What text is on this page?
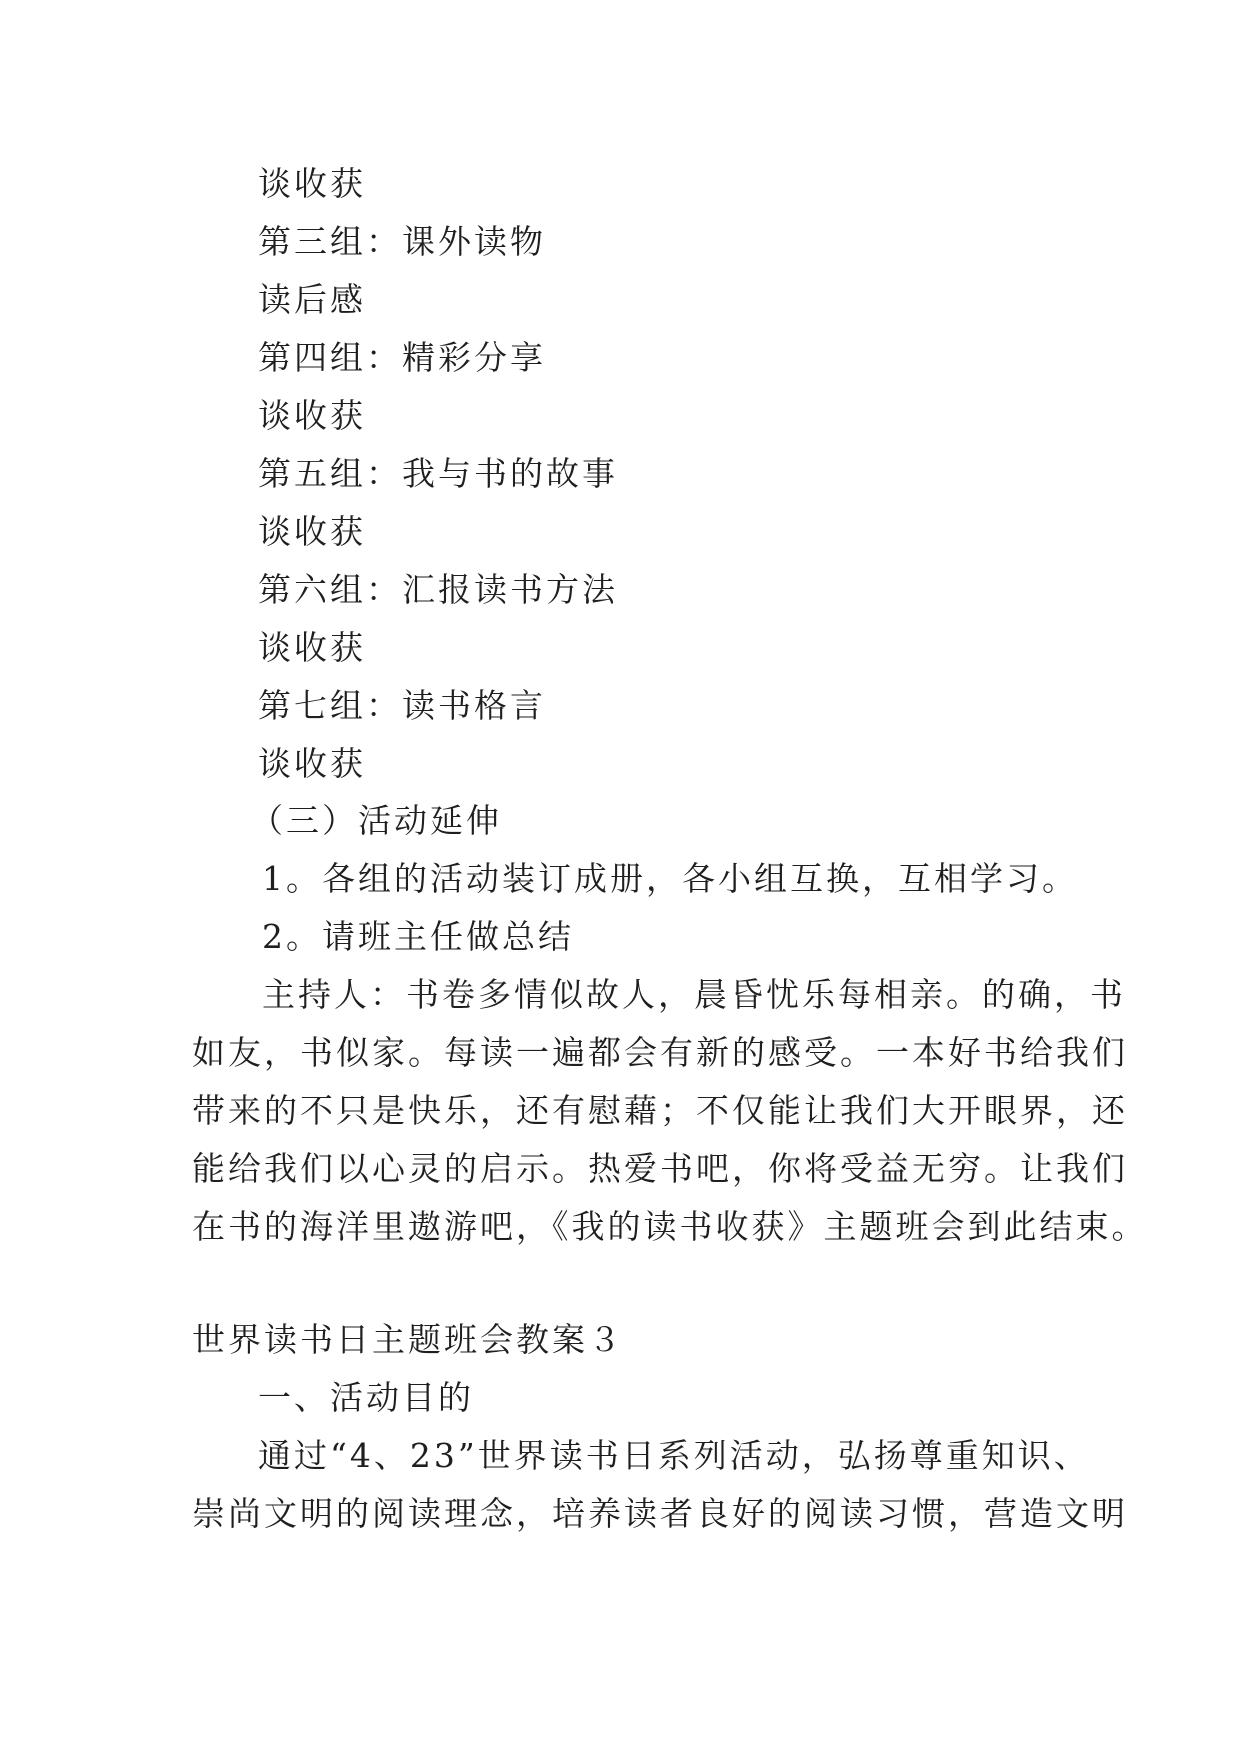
谈收获
第三组：课外读物
读后感
第四组：精彩分享
谈收获
第五组：我与书的故事
谈收获
第六组：汇报读书方法
谈收获
第七组：读书格言
谈收获
（三）活动延伸
1。各组的活动装订成册，各小组互换，互相学习。
2。请班主任做总结
主持人：书卷多情似故人，晨昏忧乐每相亲。的确，书
如友，书似家。每读一遍都会有新的感受。一本好书给我们
带来的不只是快乐，还有慰藉；不仅能让我们大开眼界，还
能给我们以心灵的启示。热爱书吧，你将受益无穷。让我们
在书的海洋里遨游吧，《我的读书收获》主题班会到此结束。
世界读书日主题班会教案３
一、活动目的
通过“4、23”世界读书日系列活动，弘扬尊重知识、
崇尚文明的阅读理念，培养读者良好的阅读习惯，营造文明
